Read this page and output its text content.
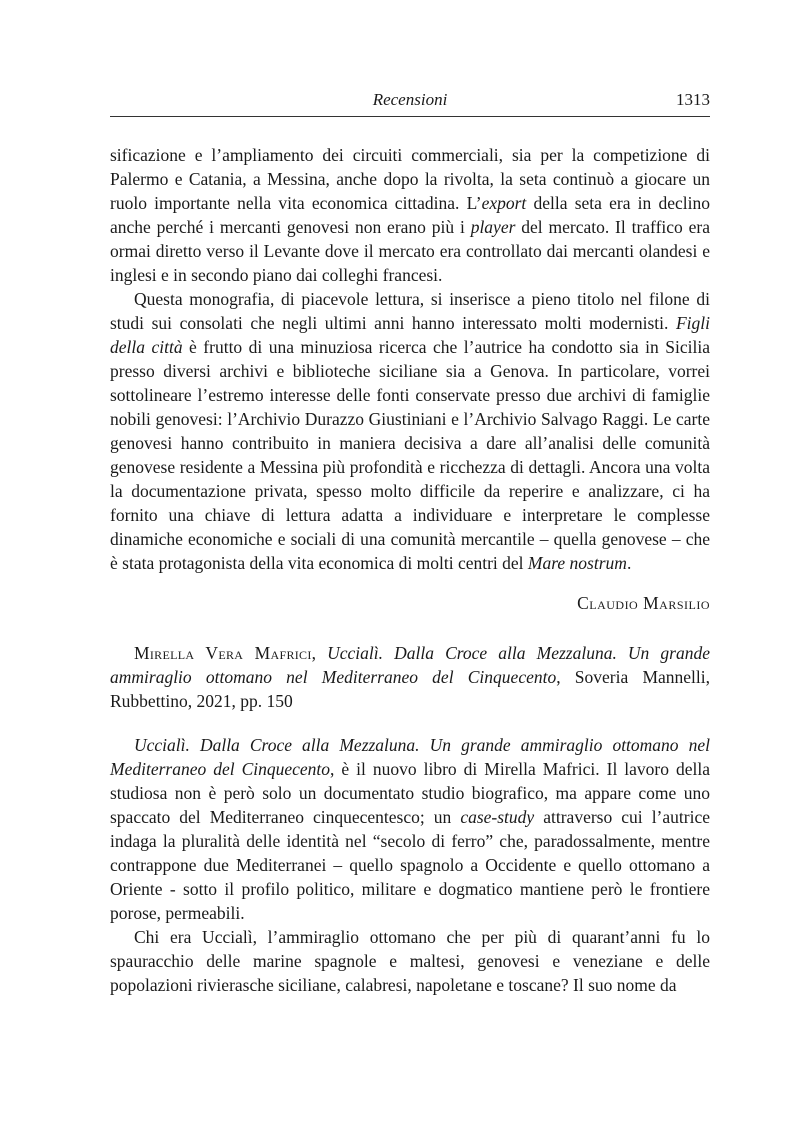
Recensioni	1313

sificazione e l’ampliamento dei circuiti commerciali, sia per la competizione di Palermo e Catania, a Messina, anche dopo la rivolta, la seta continuò a giocare un ruolo importante nella vita economica cittadina. L’export della seta era in declino anche perché i mercanti genovesi non erano più i player del mercato. Il traffico era ormai diretto verso il Levante dove il mercato era controllato dai mercanti olandesi e inglesi e in secondo piano dai colleghi francesi.

Questa monografia, di piacevole lettura, si inserisce a pieno titolo nel filone di studi sui consolati che negli ultimi anni hanno interessato molti modernisti. Figli della città è frutto di una minuziosa ricerca che l’autrice ha condotto sia in Sicilia presso diversi archivi e biblioteche siciliane sia a Genova. In particolare, vorrei sottolineare l’estremo interesse delle fonti conservate presso due archivi di famiglie nobili genovesi: l’Archivio Durazzo Giustiniani e l’Archivio Salvago Raggi. Le carte genovesi hanno contribuito in maniera decisiva a dare all’analisi delle comunità genovese residente a Messina più profondità e ricchezza di dettagli. Ancora una volta la documentazione privata, spesso molto difficile da reperire e analizzare, ci ha fornito una chiave di lettura adatta a individuare e interpretare le complesse dinamiche economiche e sociali di una comunità mercantile – quella genovese – che è stata protagonista della vita economica di molti centri del Mare nostrum.

Claudio Marsilio

Mirella Vera Mafrici, Uccialì. Dalla Croce alla Mezzaluna. Un grande ammiraglio ottomano nel Mediterraneo del Cinquecento, Soveria Mannelli, Rubbettino, 2021, pp. 150

Uccialì. Dalla Croce alla Mezzaluna. Un grande ammiraglio ottomano nel Mediterraneo del Cinquecento, è il nuovo libro di Mirella Mafrici. Il lavoro della studiosa non è però solo un documentato studio biografico, ma appare come uno spaccato del Mediterraneo cinquecentesco; un case-study attraverso cui l’autrice indaga la pluralità delle identità nel “secolo di ferro” che, paradossalmente, mentre contrappone due Mediterranei – quello spagnolo a Occidente e quello ottomano a Oriente - sotto il profilo politico, militare e dogmatico mantiene però le frontiere porose, permeabili.

Chi era Uccialì, l’ammiraglio ottomano che per più di quarant’anni fu lo spauracchio delle marine spagnole e maltesi, genovesi e veneziane e delle popolazioni rivierasche siciliane, calabresi, napoletane e toscane? Il suo nome da
